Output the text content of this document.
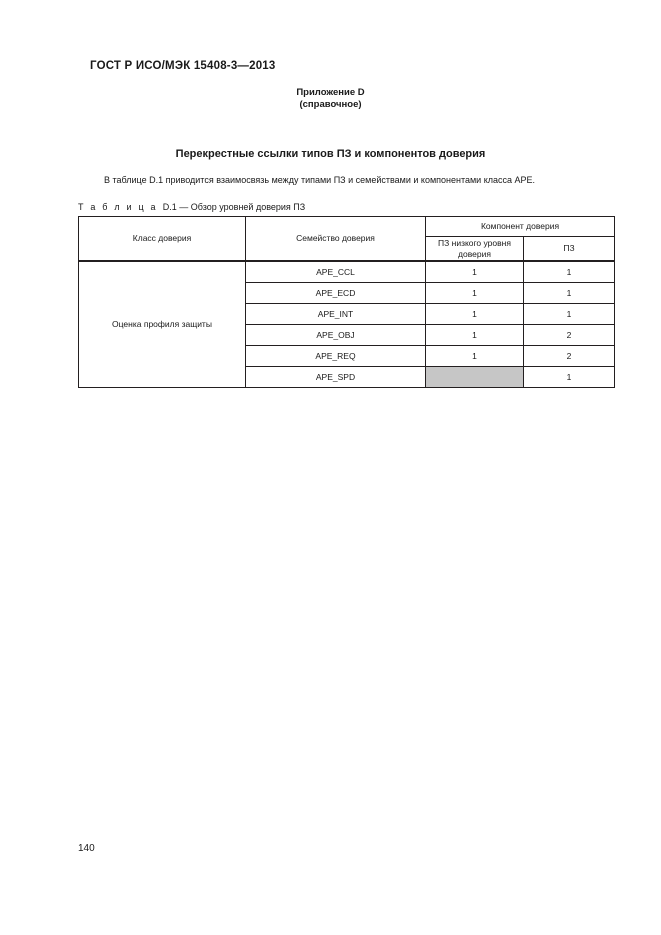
ГОСТ Р ИСО/МЭК 15408-3—2013
Приложение D
(справочное)
Перекрестные ссылки типов ПЗ и компонентов доверия
В таблице D.1 приводится взаимосвязь между типами ПЗ и семействами и компонентами класса APE.
Т а б л и ц а D.1 — Обзор уровней доверия ПЗ
Класс доверия	Семейство доверия	Компонент доверия	
		ПЗ низкого уровня доверия	ПЗ
Оценка профиля защиты	APE_CCL	1	1
	APE_ECD	1	1
	APE_INT	1	1
	APE_OBJ	1	2
	APE_REQ	1	2
	APE_SPD		1
140
